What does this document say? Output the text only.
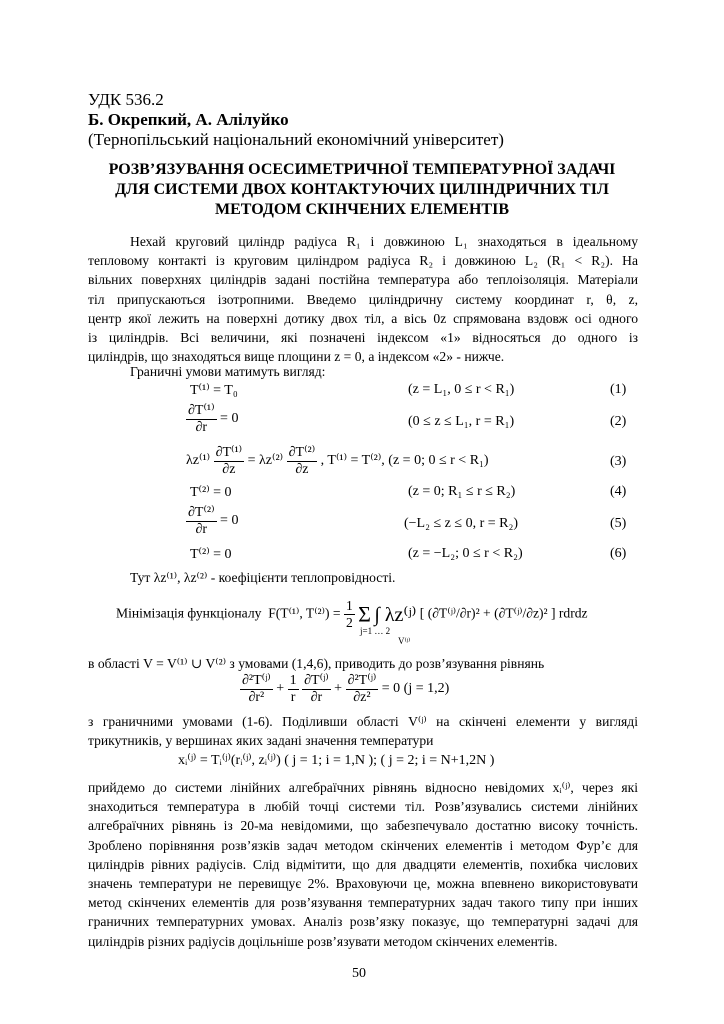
УДК 536.2
Б. Окрепкий, А. Алілуйко
(Тернопільський національний економічний університет)
РОЗВ’ЯЗУВАННЯ ОСЕСИМЕТРИЧНОЇ ТЕМПЕРАТУРНОЇ ЗАДАЧІ
ДЛЯ СИСТЕМИ ДВОХ КОНТАКТУЮЧИХ ЦИЛІНДРИЧНИХ ТІЛ
МЕТОДОМ СКІНЧЕНИХ ЕЛЕМЕНТІВ
Нехай круговий циліндр радіуса R₁ і довжиною L₁ знаходяться в ідеальному
тепловому контакті із круговим циліндром радіуса R₂ і довжиною L₂ (R₁ < R₂). На
вільних поверхнях циліндрів задані постійна температура або теплоізоляція. Матеріали
тіл припускаються ізотропними. Введемо циліндричну систему координат r, θ, z,
центр якої лежить на поверхні дотику двох тіл, а вісь 0z спрямована вздовж осі одного
із циліндрів. Всі величини, які позначені індексом «1» відносяться до одного із
циліндрів, що знаходяться вище площини z = 0, а індексом «2» - нижче.
Граничні умови матимуть вигляд:
T⁽¹⁾ = T₀	(z = L₁, 0 ≤ r < R₁)	(1)
$\frac{\text{∂T⁽¹⁾}}{\partial r} = 0$	(0 ≤ z ≤ L₁, r = R₁)	(2)
$\lambda z^{(1)} \frac{\text{∂T⁽¹⁾}}{\partial z} = \lambda z^{(2)} \frac{\text{∂T⁽²⁾}}{\partial z}$ , T⁽¹⁾ = T⁽²⁾, (z = 0; 0 ≤ r < R₁)	(3)
T⁽²⁾ = 0	(z = 0; R₁ ≤ r ≤ R₂)	(4)
$\frac{\text{∂T⁽²⁾}}{\partial r} = 0$	(−L₂ ≤ z ≤ 0, r = R₂)	(5)
T⁽²⁾ = 0	(z = −L₂; 0 ≤ r < R₂)	(6)
Тут λz⁽¹⁾, λz⁽²⁾ - коефіцієнти теплопровідності.
Мінімізація функціоналу F(T⁽¹⁾, $T^{(2)}) = \frac{1}{2}$ Σ ∫ λz⁽ʲ⁾ [ (∂T⁽ʲ⁾/∂r)² + (∂T⁽ʲ⁾/∂z)² ] rdrdz
j=1 … 2
V⁽ʲ⁾
в області V = V⁽¹⁾ ∪ V⁽²⁾ з умовами (1,4,6), приводить до розв’язування рівнянь
$\frac{\text{∂²T⁽ʲ⁾}}{\text{∂r²}} + \frac{1}{r}$
$\frac{\text{∂T⁽ʲ⁾}}{\partial r} + \frac{\text{∂²T⁽ʲ⁾}}{\text{∂z²}} = 0$ (j = 1,2)
з граничними умовами (1-6). Поділивши області V⁽ʲ⁾ на скінчені елементи у вигляді
трикутників, у вершинах яких задані значення температури
xᵢ⁽ʲ⁾ = Tᵢ⁽ʲ⁾(rᵢ⁽ʲ⁾, zᵢ⁽ʲ⁾) ( j = 1; i = 1,N ); ( j = 2; i = N+1,2N )
прийдемо до системи лінійних алгебраїчних рівнянь відносно невідомих xᵢ⁽ʲ⁾, через які
знаходиться температура в любій точці системи тіл. Розв’язувались системи лінійних
алгебраїчних рівнянь із 20-ма невідомими, що забезпечувало достатню високу точність.
Зроблено порівняння розв’язків задач методом скінчених елементів і методом Фур’є для
циліндрів рівних радіусів. Слід відмітити, що для двадцяти елементів, похибка числових
значень температури не перевищує 2%. Враховуючи це, можна впевнено використовувати
метод скінчених елементів для розв’язування температурних задач такого типу при інших
граничних температурних умовах. Аналіз розв’язку показує, що температурні задачі для
циліндрів різних радіусів доцільніше розв’язувати методом скінчених елементів.
50
